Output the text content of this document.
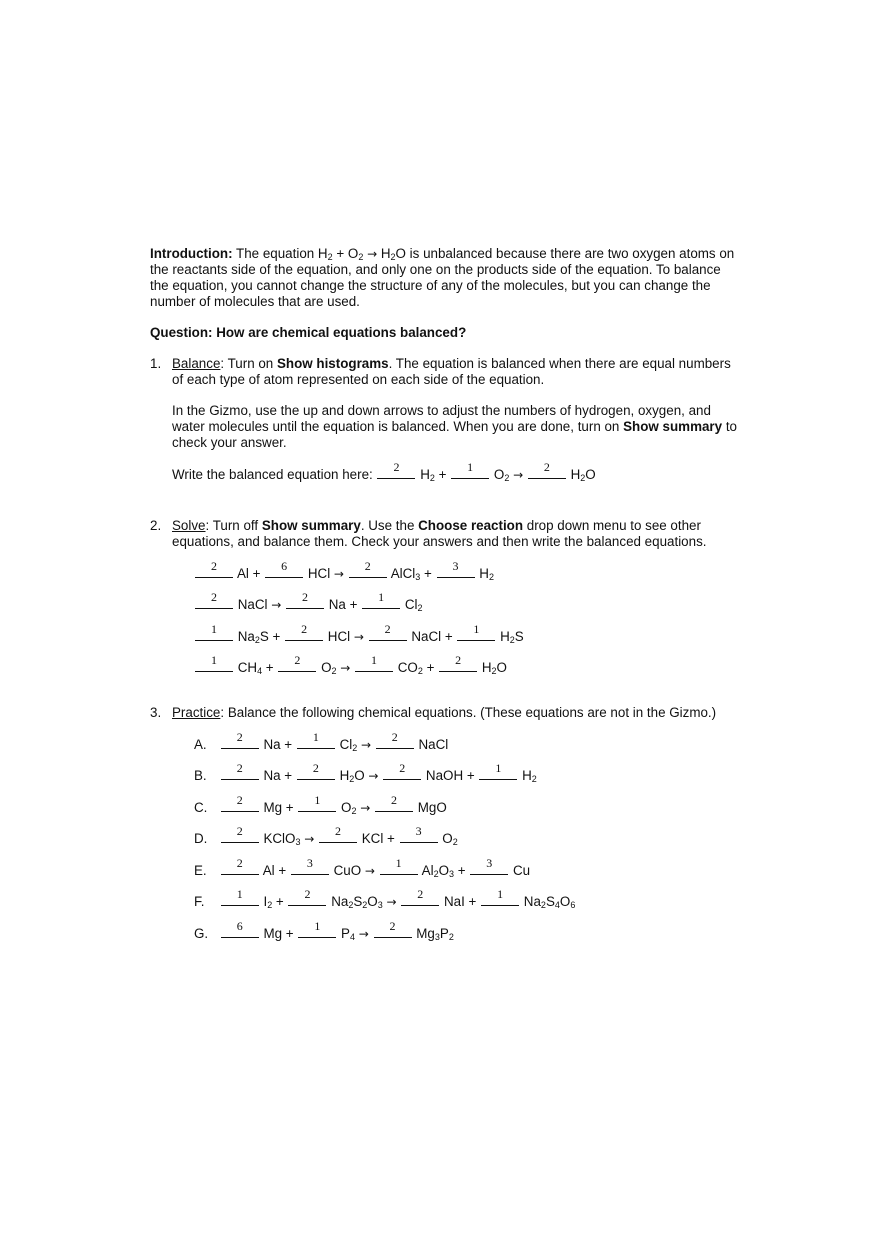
Introduction: The equation $H_2 + O_2 \to H_2O$ is unbalanced because there are two oxygen atoms on the reactants side of the equation, and only one on the products side of the equation. To balance the equation, you cannot change the structure of any of the molecules, but you can change the number of molecules that are used.

Question: How are chemical equations balanced?

1. Balance: Turn on Show histograms. The equation is balanced when there are equal numbers of each type of atom represented on each side of the equation.

In the Gizmo, use the up and down arrows to adjust the numbers of hydrogen, oxygen, and water molecules until the equation is balanced. When you are done, turn on Show summary to check your answer.

Write the balanced equation here:	2	$H_2$ +	1	$O_2$ →
2	$H_2O$

2. Solve: Turn off Show summary. Use the Choose reaction drop down menu to see other equations, and balance them. Check your answers and then write the balanced equations.

2	Al +	6	HCl →
2	AlCl$_3$ +	3	$H_2$

2	NaCl →
2	Na +	1	$Cl_2$

1	$Na_2S$ +	2	HCl →
2	NaCl +	1	$H_2S$

1	$CH_4$ +	2	$O_2$ →
1	$CO_2$ +	2	$H_2O$

3. Practice: Balance the following chemical equations. (These equations are not in the Gizmo.)

A.	2	Na +	1	$Cl_2$ →
2	NaCl

B.	2	Na +	2	$H_2O$ →
2	NaOH +	1	$H_2$

C.	2	Mg +	1	$O_2$ →
2	MgO

D.	2	KClO$_3$ →
2	KCl +	3	$O_2$

E.	2	Al +	3	CuO →
1	$Al_2O_3$ +	3	Cu

F.	1	$I_2$ +	2	$Na_2S_2O_3$ →
2	NaI +	1	$Na_2S_4O_6$

G.	6	Mg +	1	$P_4$ →
2	$Mg_3P_2$
